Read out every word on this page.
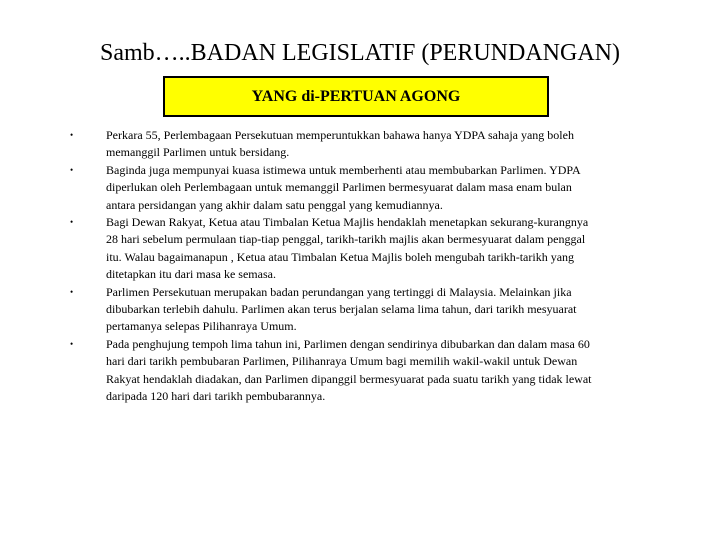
Samb…..BADAN LEGISLATIF (PERUNDANGAN)
YANG di-PERTUAN AGONG
•	Perkara 55, Perlembagaan Persekutuan memperuntukkan bahawa hanya YDPA sahaja yang boleh memanggil Parlimen untuk bersidang.
•	Baginda juga mempunyai kuasa istimewa untuk memberhenti atau membubarkan Parlimen. YDPA diperlukan oleh Perlembagaan untuk memanggil Parlimen bermesyuarat dalam masa enam bulan antara persidangan yang akhir dalam satu penggal yang kemudiannya.
•	Bagi Dewan Rakyat, Ketua atau Timbalan Ketua Majlis hendaklah menetapkan sekurang-kurangnya 28 hari sebelum permulaan tiap-tiap penggal, tarikh-tarikh majlis akan bermesyuarat dalam penggal itu. Walau bagaimanapun , Ketua atau Timbalan Ketua Majlis boleh mengubah tarikh-tarikh yang ditetapkan itu dari masa ke semasa.
•	Parlimen Persekutuan merupakan badan perundangan yang tertinggi di Malaysia. Melainkan jika dibubarkan terlebih dahulu. Parlimen akan terus berjalan selama lima tahun, dari tarikh mesyuarat pertamanya selepas Pilihanraya Umum.
•	Pada penghujung tempoh lima tahun ini, Parlimen dengan sendirinya dibubarkan dan dalam masa 60 hari dari tarikh pembubaran Parlimen, Pilihanraya Umum bagi memilih wakil-wakil untuk Dewan Rakyat hendaklah diadakan, dan Parlimen dipanggil bermesyuarat pada suatu tarikh yang tidak lewat daripada 120 hari dari tarikh pembubarannya.
